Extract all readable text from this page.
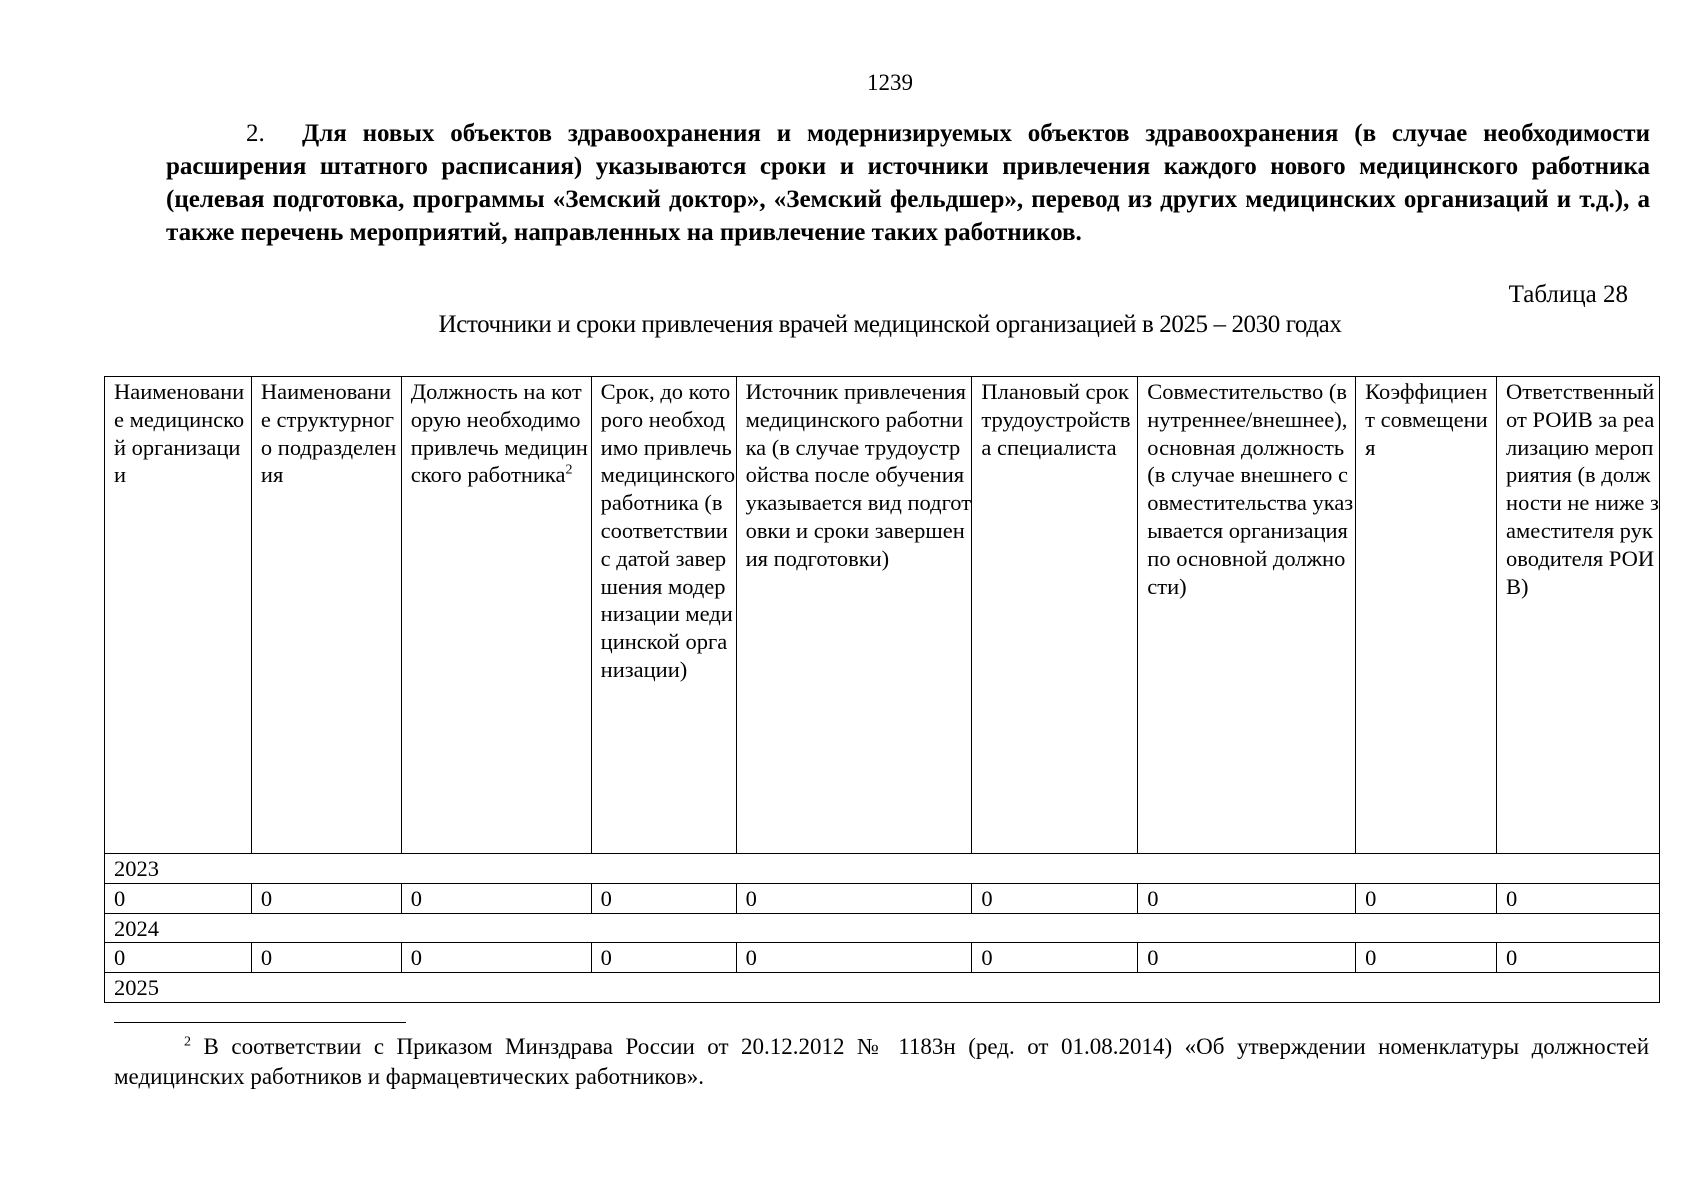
1239
2. Для новых объектов здравоохранения и модернизируемых объектов здравоохранения (в случае необходимости расширения штатного расписания) указываются сроки и источники привлечения каждого нового медицинского работника (целевая подготовка, программы «Земский доктор», «Земский фельдшер», перевод из других медицинских организаций и т.д.), а также перечень мероприятий, направленных на привлечение таких работников.
Таблица 28
Источники и сроки привлечения врачей медицинской организацией в 2025 – 2030 годах
Наименование медицинской организации	Наименование структурного подразделения	Должность на которую необходимо привлечь медицинского работника$^2$	Срок, до которого необходимо привлечь медицинского работника (в соответствии с датой завершения модернизации медицинской организации)	Источник привлечения медицинского работника (в случае трудоустройства после обучения указывается вид подготовки и сроки завершения подготовки)	Плановый срок трудоустройства специалиста	Совместительство (внутреннее/внешнее), основная должность (в случае внешнего совместительства указывается организация по основной должности)	Коэффициент совмещения	Ответственный от РОИВ за реализацию мероприятия (в должности не ниже заместителя руководителя РОИВ)
2023								
0	0	0	0	0	0	0	0	0
2024								
0	0	0	0	0	0	0	0	0
2025								
$^2$ В соответствии с Приказом Минздрава России от 20.12.2012 № 1183н (ред. от 01.08.2014) «Об утверждении номенклатуры должностей медицинских работников и фармацевтических работников».
